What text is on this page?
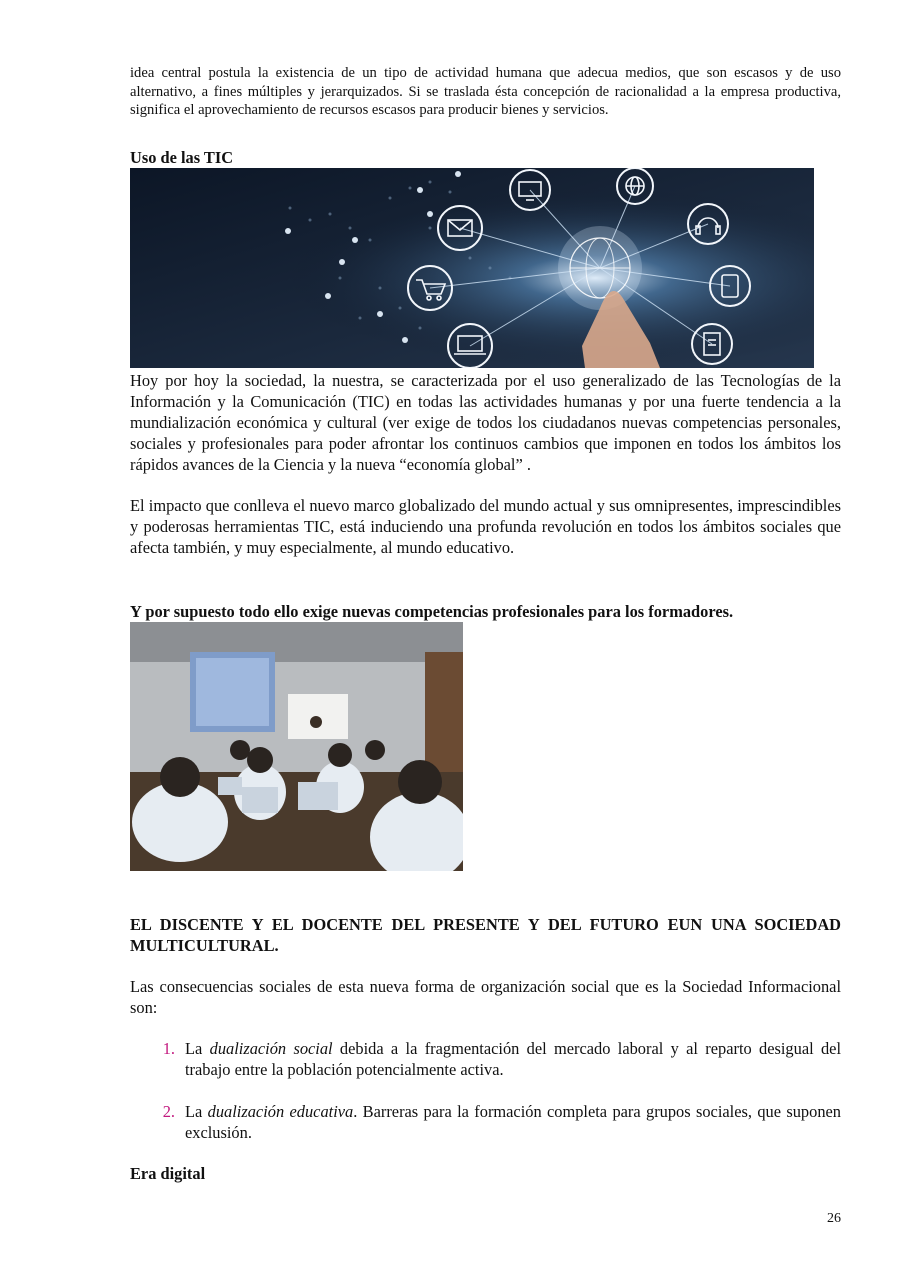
idea central postula la existencia de un tipo de actividad humana que adecua medios, que son escasos y de uso alternativo, a fines múltiples y jerarquizados. Si se traslada ésta concepción de racionalidad a la empresa productiva, significa el aprovechamiento de recursos escasos para producir bienes y servicios.

Uso de las TIC

Hoy por hoy la sociedad, la nuestra, se caracterizada por el uso generalizado de las Tecnologías de la Información y la Comunicación (TIC) en todas las actividades humanas y por una fuerte tendencia a la mundialización económica y cultural (ver exige de todos los ciudadanos nuevas competencias personales, sociales y profesionales para poder afrontar los continuos cambios que imponen en todos los ámbitos los rápidos avances de la Ciencia y la nueva “economía global” .

El impacto que conlleva el nuevo marco globalizado del mundo actual y sus omnipresentes, imprescindibles y poderosas herramientas TIC, está induciendo una profunda revolución en todos los ámbitos sociales que afecta también, y muy especialmente, al mundo educativo.

Y por supuesto todo ello exige nuevas competencias profesionales para los formadores.

EL DISCENTE Y EL DOCENTE DEL PRESENTE Y DEL FUTURO EUN UNA SOCIEDAD MULTICULTURAL.

Las consecuencias sociales de esta nueva forma de organización social que es la Sociedad Informacional son:

1. La dualización social debida a la fragmentación del mercado laboral y al reparto desigual del trabajo entre la población potencialmente activa.
2. La dualización educativa. Barreras para la formación completa para grupos sociales, que suponen exclusión.
Era digital
26
